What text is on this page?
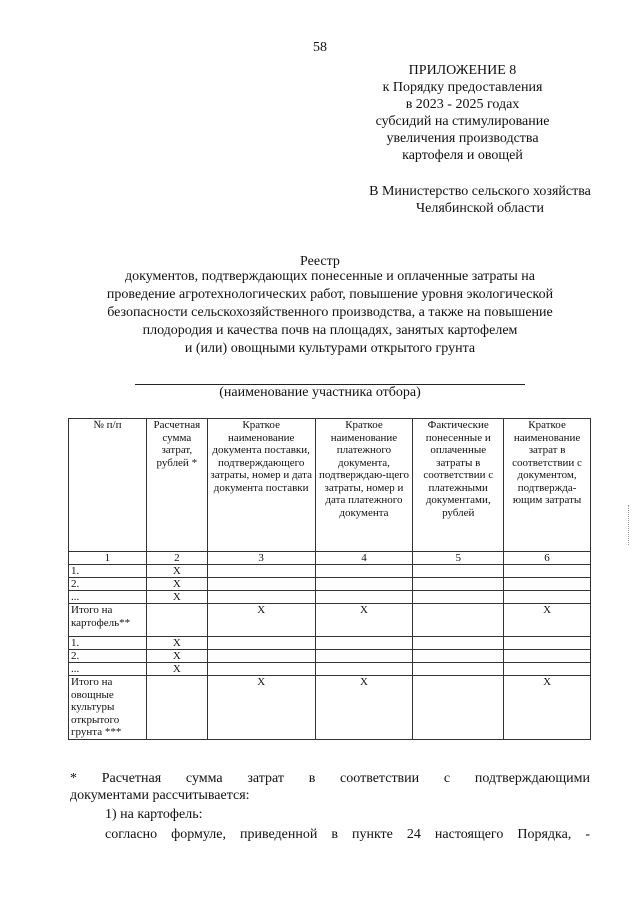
58
ПРИЛОЖЕНИЕ 8
к Порядку предоставления
в 2023 - 2025 годах
субсидий на стимулирование
увеличения производства
картофеля и овощей
В Министерство сельского хозяйства
Челябинской области
Реестр
документов, подтверждающих понесенные и оплаченные затраты на
проведение агротехнологических работ, повышение уровня экологической
безопасности сельскохозяйственного производства, а также на повышение
плодородия и качества почв на площадях, занятых картофелем
и (или) овощными культурами открытого грунта
(наименование участника отбора)
№ п/п	Расчетная сумма затрат, рублей *	Краткое наименование документа поставки, подтверждающего затраты, номер и дата документа поставки	Краткое наименование платежного документа, подтверждаю-щего затраты, номер и дата платежного документа	Фактические понесенные и оплаченные затраты в соответствии с платежными документами, рублей	Краткое наименование затрат в соответствии с документом, подтвержда-ющим затраты
1	2	3	4	5	6
1.	X				
2.	X				
...	X				
Итого на картофель**		X	X		X
1.	X				
2.	X				
...	X				
Итого на овощные культуры открытого грунта ***		X	X		X
* Расчетная сумма затрат в соответствии с подтверждающими
документами рассчитывается:
1) на картофель:
согласно формуле, приведенной в пункте 24 настоящего Порядка, -
